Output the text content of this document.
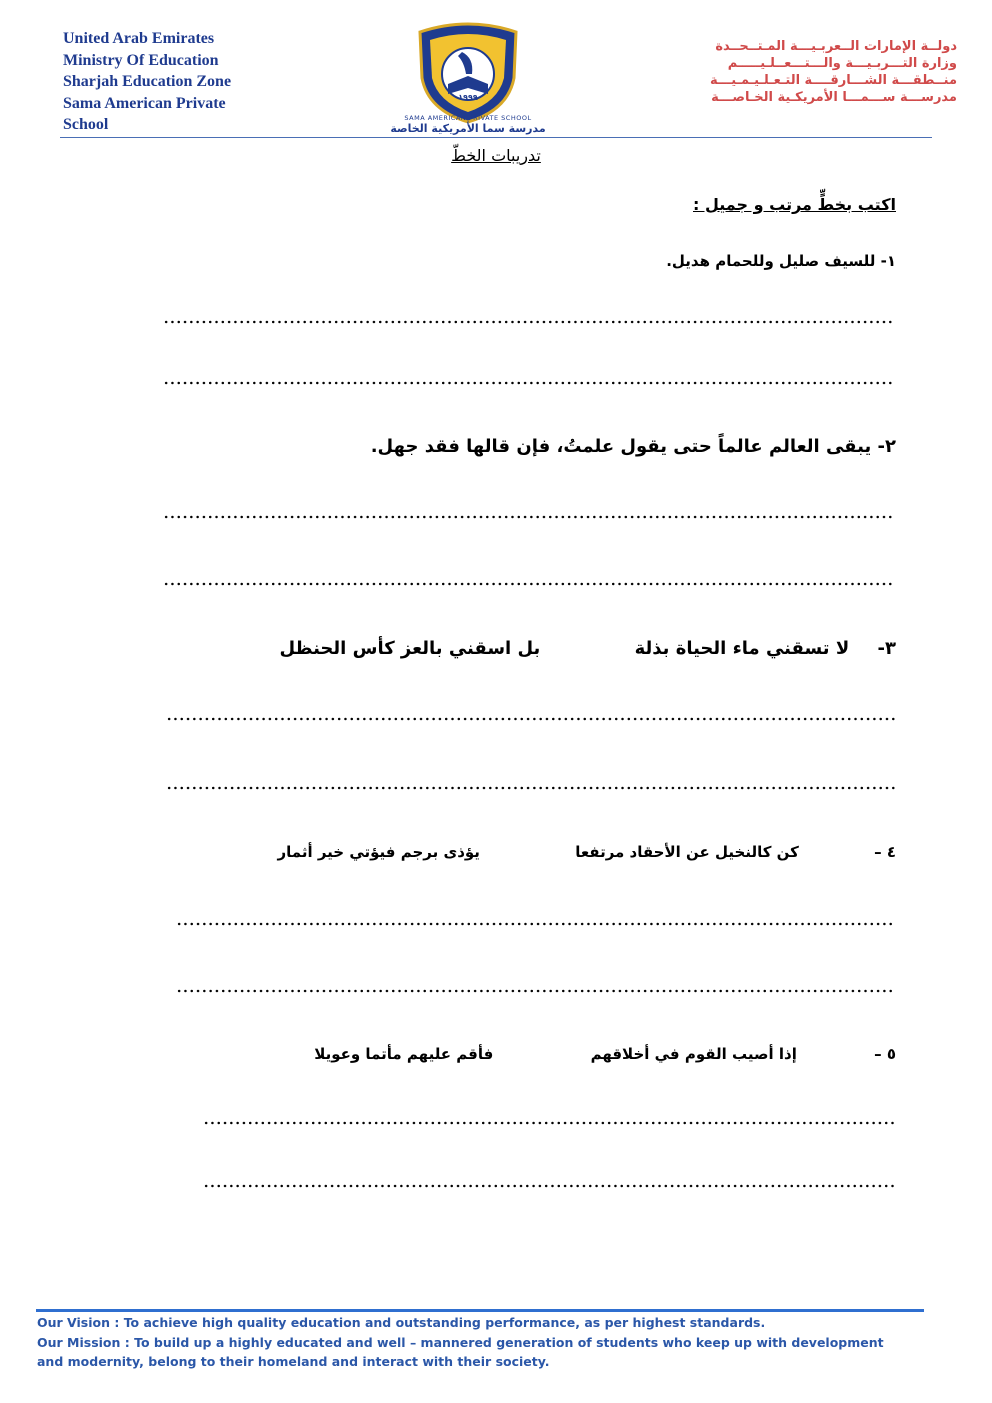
United Arab Emirates
Ministry Of Education
Sharjah Education Zone
Sama American Private
School
١٩٩٩
SAMA AMERICAN PRIVATE SCHOOL
مدرسة سما الأمريكية الخاصة
دولــة الإمارات الــعربـيـــة المـتــحــدة
وزارة التـــربـيـــة والـــتـــعــلـيـــــم
منــطقـــة الشـــارقــــة التـعـلـيـمـيـــة
مدرســـة ســـمـــا الأمريكـية الخـاصـــة
تدريبات الخطّ
اكتب بخطٍّ مرتب و جميل :
١- للسيف صليل وللحمام هديل.
٢- يبقى العالم عالماً حتى يقول علمتُ، فإن قالها فقد جهل.
٣- لا تسقني ماء الحياة بذلة بل اسقني بالعز كأس الحنظل
٤ – كن كالنخيل عن الأحقاد مرتفعا يؤذى برجم فيؤتي خير أثمار
٥ – إذا أصيب القوم في أخلاقهم فأقم عليهم مأتما وعويلا
Our Vision : To achieve high quality education and outstanding performance, as per highest standards.
Our Mission : To build up a highly educated and well – mannered generation of students who keep up with development
and modernity, belong to their homeland and interact with their society.
